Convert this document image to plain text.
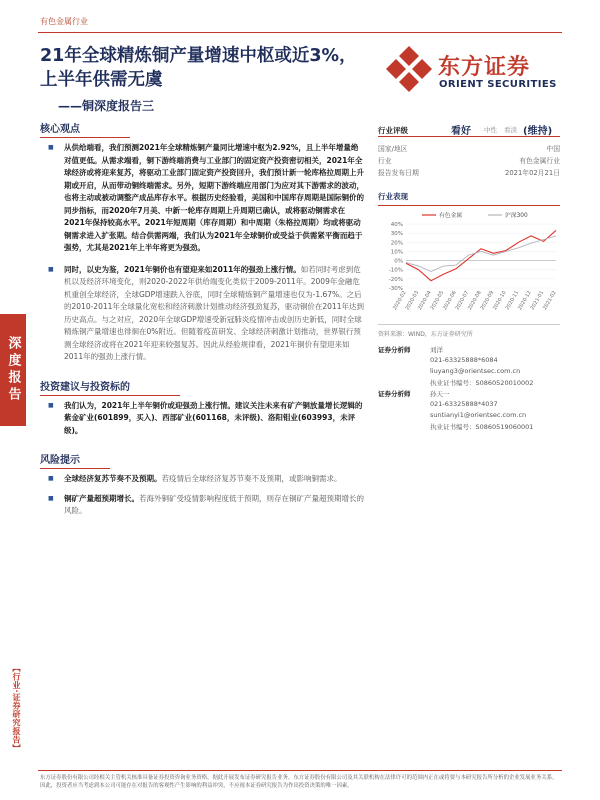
有色金属行业
21年全球精炼铜产量增速中枢或近3%，上半年供需无虞
——铜深度报告三
东方证券
ORIENT SECURITIES
深度报告
【行业·证券研究报告】
核心观点
■ 从供给端看，我们预测2021年全球精炼铜产量同比增速中枢为2.92%，且上半年增量绝对值更低。从需求端看，铜下游终端消费与工业部门的固定资产投资密切相关，2021年全球经济或将迎来复苏，将驱动工业部门固定资产投资回升，我们预计新一轮库格拉周期上升期或开启，从而带动铜终端需求。另外，短期下游终端应用部门为应对其下游需求的波动，也将主动或被动调整产成品库存水平。根据历史经验看，美国和中国库存周期是国际铜价的同步指标，而2020年7月美、中新一轮库存周期上升周期已确认，或将驱动铜需求在2021年保持较高水平。2021年短周期（库存周期）和中周期（朱格拉周期）均或将驱动铜需求进入扩张期。结合供需两端，我们认为2021年全球铜价或受益于供需紧平衡而趋于强势，尤其是2021年上半年将更为强劲。
■ 同时，以史为鉴，2021年铜价也有望迎来如2011年的强劲上涨行情。如若同时考虑到危机以及经济环境变化，则2020-2022年供给端变化类似于2009-2011年。2009年金融危机重创全球经济，全球GDP增速跌入谷底，同时全球精炼铜产量增速也仅为-1.67%。之后的2010-2011年全球量化宽松和经济刺激计划推动经济强劲复苏，驱动铜价在2011年达到历史高点。与之对应，2020年全球GDP增速受新冠肺炎疫情冲击或创历史新低，同时全球精炼铜产量增速也徘徊在0%附近。但随着疫苗研发、全球经济刺激计划推动，世界银行预测全球经济或将在2021年迎来较强复苏。因此从经验规律看，2021年铜价有望迎来如2011年的强劲上涨行情。
投资建议与投资标的
■ 我们认为，2021年上半年铜价或迎强劲上涨行情。建议关注未来有矿产铜放量增长逻辑的紫金矿业(601899，买入)、西部矿业(601168，未评级)、洛阳钼业(603993，未评级)。
风险提示
■ 全球经济复苏节奏不及预期。若疫情后全球经济复苏节奏不及预期，或影响铜需求。
■ 铜矿产量超预期增长。若海外铜矿受疫情影响程度低于预期，则存在铜矿产量超预期增长的风险。
行业评级	看好 中性 看淡 (维持)
国家/地区	中国
行业	有色金属行业
报告发布日期	2021年02月21日
行业表现
40%
30%
20%
10%
0%
-10%
-20%
-30%
2020-02
2020-03
2020-04
2020-05
2020-06
2020-07
2020-08
2020-09
2020-10
2020-11
2020-12
2021-01
2021-02
有色金属	沪深300
资料来源：WIND，东方证券研究所
证券分析师	刘洋
021-63325888*6084
liuyang3@orientsec.com.cn
执业证书编号：S0860520010002
证券分析师	孙天一
021-63325888*4037
suntianyi1@orientsec.com.cn
执业证书编号：S0860519060001
东方证券股份有限公司经相关主管机关核准具备证券投资咨询业务资格，据此开展发布证券研究报告业务。东方证券股份有限公司及其关联机构在法律许可的范围内正在或将要与本研究报告所分析的企业发展业务关系。因此，投资者应当考虑到本公司可能存在对报告的客观性产生影响的利益冲突，不应视本证券研究报告为作出投资决策的唯一因素。
